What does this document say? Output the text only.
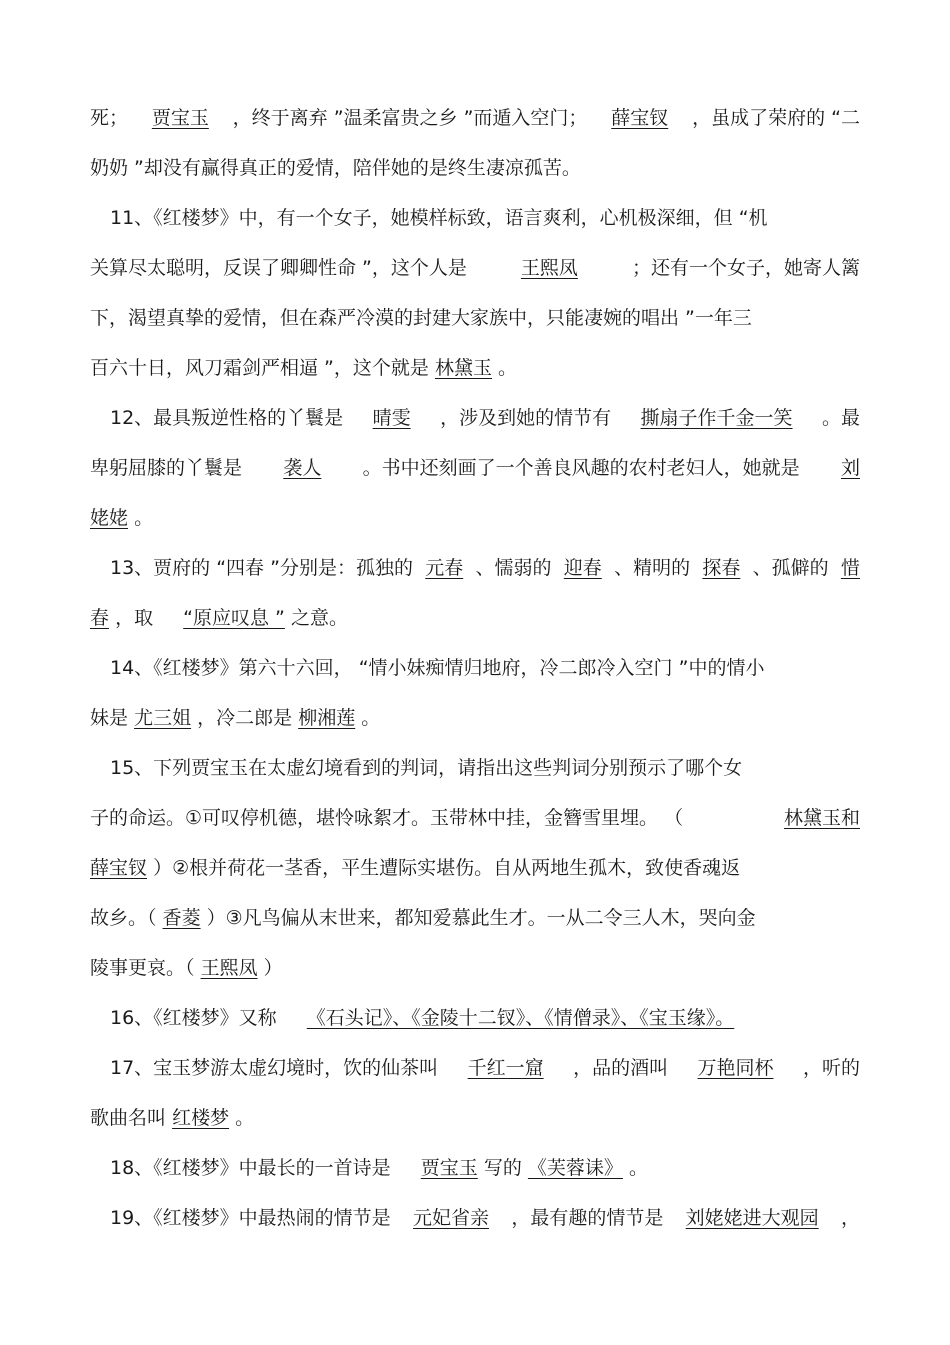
死； 贾宝玉 ，终于离弃 ”温柔富贵之乡 ”而遁入空门； 薛宝钗 ，虽成了荣府的 “二
奶奶 ”却没有赢得真正的爱情，陪伴她的是终生凄凉孤苦。
11、《红楼梦》中，有一个女子，她模样标致，语言爽利，心机极深细，但 “机
关算尽太聪明，反误了卿卿性命 ”，这个人是	王熙凤	；还有一个女子，她寄人篱
下，渴望真挚的爱情，但在森严冷漠的封建大家族中，只能凄婉的唱出 ”一年三
百六十日，风刀霜剑严相逼 ”，这个就是 林黛玉 。
12、最具叛逆性格的丫鬟是 晴雯 ，涉及到她的情节有 撕扇子作千金一笑 。最
卑躬屈膝的丫鬟是 袭人 。书中还刻画了一个善良风趣的农村老妇人，她就是 刘
姥姥 。
13、贾府的 “四春 ”分别是：孤独的 元春 、懦弱的 迎春 、精明的 探春 、孤僻的 惜
春 ，取 “原应叹息 ” 之意。
14、《红楼梦》第六十六回， “情小妹痴情归地府，冷二郎冷入空门 ”中的情小
妹是 尤三姐 ，冷二郎是 柳湘莲 。
15、下列贾宝玉在太虚幻境看到的判词，请指出这些判词分别预示了哪个女
子的命运。①可叹停机德，堪怜咏絮才。玉带林中挂，金簪雪里埋。 （	林黛玉和
薛宝钗 ）②根并荷花一茎香，平生遭际实堪伤。自从两地生孤木，致使香魂返
故乡。（ 香菱 ）③凡鸟偏从末世来，都知爱慕此生才。一从二令三人木，哭向金
陵事更哀。（ 王熙凤 ）
16、《红楼梦》又称 《石头记》、《金陵十二钗》、《情僧录》、《宝玉缘》。
17、宝玉梦游太虚幻境时，饮的仙茶叫 千红一窟 ，品的酒叫 万艳同杯 ，听的
歌曲名叫 红楼梦 。
18、《红楼梦》中最长的一首诗是 贾宝玉 写的 《芙蓉诔》 。
19、《红楼梦》中最热闹的情节是 元妃省亲 ，最有趣的情节是 刘姥姥进大观园 ，
